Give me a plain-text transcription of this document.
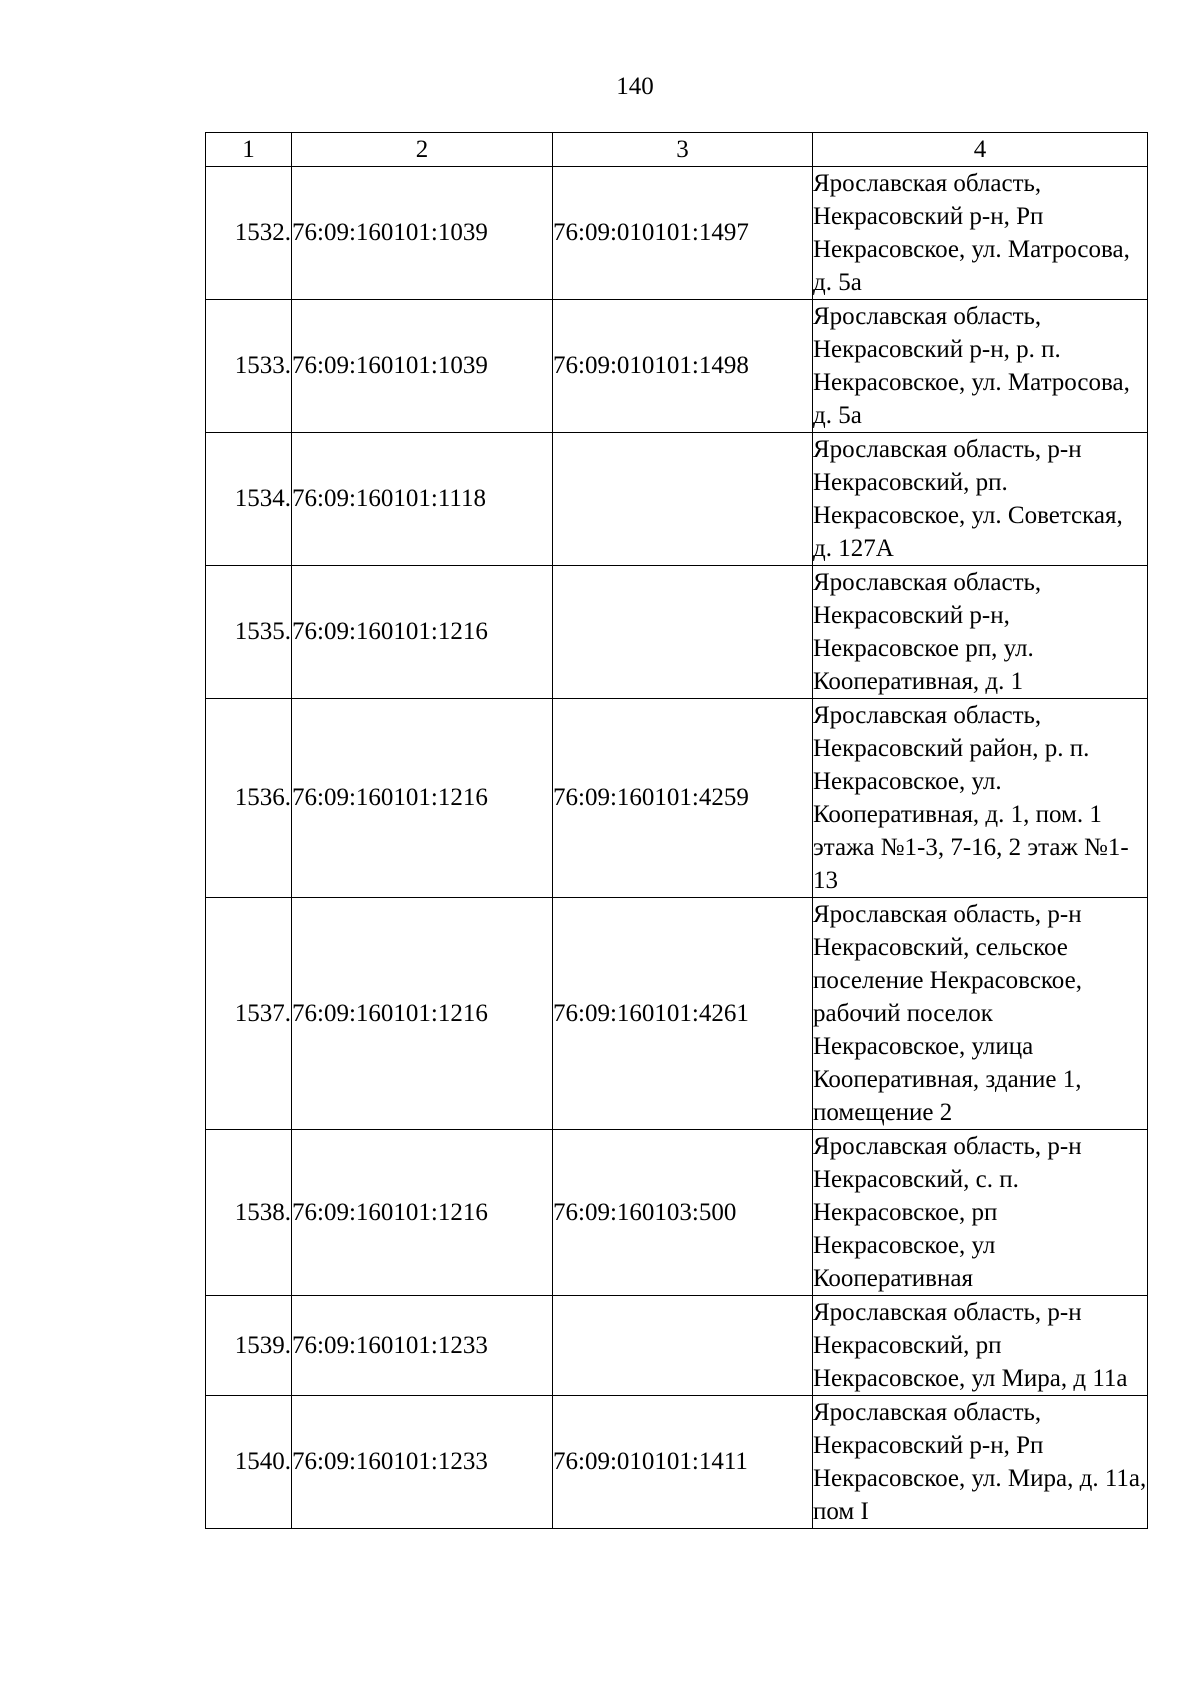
140
1	2	3	4
1532.	76:09:160101:1039	76:09:010101:1497	Ярославская область, Некрасовский р-н, Рп Некрасовское, ул. Матросова, д. 5а
1533.	76:09:160101:1039	76:09:010101:1498	Ярославская область, Некрасовский р-н, р. п. Некрасовское, ул. Матросова, д. 5а
1534.	76:09:160101:1118		Ярославская область, р-н Некрасовский, рп. Некрасовское, ул. Советская, д. 127А
1535.	76:09:160101:1216		Ярославская область, Некрасовский р-н, Некрасовское рп, ул. Кооперативная, д. 1
1536.	76:09:160101:1216	76:09:160101:4259	Ярославская область, Некрасовский район, р. п. Некрасовское, ул. Кооперативная, д. 1, пом. 1 этажа №1-3, 7-16, 2 этаж №1-13
1537.	76:09:160101:1216	76:09:160101:4261	Ярославская область, р-н Некрасовский, сельское поселение Некрасовское, рабочий поселок Некрасовское, улица Кооперативная, здание 1, помещение 2
1538.	76:09:160101:1216	76:09:160103:500	Ярославская область, р-н Некрасовский, с. п. Некрасовское, рп Некрасовское, ул Кооперативная
1539.	76:09:160101:1233		Ярославская область, р-н Некрасовский, рп Некрасовское, ул Мира, д 11а
1540.	76:09:160101:1233	76:09:010101:1411	Ярославская область, Некрасовский р-н, Рп Некрасовское, ул. Мира, д. 11а, пом I
